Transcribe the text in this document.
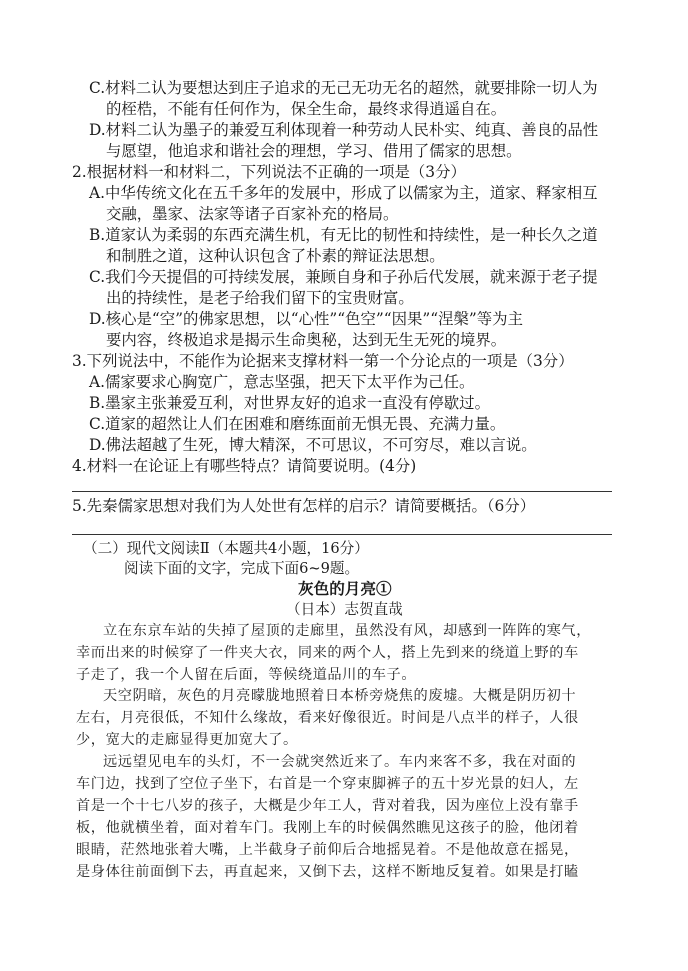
C.材料二认为要想达到庄子追求的无己无功无名的超然，就要排除一切人为
的桎梏，不能有任何作为，保全生命，最终求得逍遥自在。
D.材料二认为墨子的兼爱互利体现着一种劳动人民朴实、纯真、善良的品性
与愿望，他追求和谐社会的理想，学习、借用了儒家的思想。
2.根据材料一和材料二，下列说法不正确的一项是（3分）
A.中华传统文化在五千多年的发展中，形成了以儒家为主，道家、释家相互
交融，墨家、法家等诸子百家补充的格局。
B.道家认为柔弱的东西充满生机，有无比的韧性和持续性，是一种长久之道
和制胜之道，这种认识包含了朴素的辩证法思想。
C.我们今天提倡的可持续发展，兼顾自身和子孙后代发展，就来源于老子提
出的持续性，是老子给我们留下的宝贵财富。
D.核心是“空”的佛家思想，以“心性”“色空”“因果”“涅槃”等为主
要内容，终极追求是揭示生命奥秘，达到无生无死的境界。
3.下列说法中，不能作为论据来支撑材料一第一个分论点的一项是（3分）
A.儒家要求心胸宽广，意志坚强，把天下太平作为己任。
B.墨家主张兼爱互利，对世界友好的追求一直没有停歇过。
C.道家的超然让人们在困难和磨练面前无惧无畏、充满力量。
D.佛法超越了生死，博大精深，不可思议，不可穷尽，难以言说。
4.材料一在论证上有哪些特点？请简要说明。(4分)
5.先秦儒家思想对我们为人处世有怎样的启示？请简要概括。（6分）
（二）现代文阅读Ⅱ（本题共4小题，16分）
阅读下面的文字，完成下面6~9题。
灰色的月亮①
（日本）志贺直哉
立在东京车站的失掉了屋顶的走廊里，虽然没有风，却感到一阵阵的寒气，
幸而出来的时候穿了一件夹大衣，同来的两个人，搭上先到来的绕道上野的车
子走了，我一个人留在后面，等候绕道品川的车子。
天空阴暗，灰色的月亮曚胧地照着日本桥旁烧焦的废墟。大概是阴历初十
左右，月亮很低，不知什么缘故，看来好像很近。时间是八点半的样子，人很
少，宽大的走廊显得更加宽大了。
远远望见电车的头灯，不一会就突然近来了。车内来客不多，我在对面的
车门边，找到了空位子坐下，右首是一个穿束脚裤子的五十岁光景的妇人，左
首是一个十七八岁的孩子，大概是少年工人，背对着我，因为座位上没有靠手
板，他就横坐着，面对着车门。我刚上车的时候偶然瞧见这孩子的脸，他闭着
眼睛，茫然地张着大嘴，上半截身子前仰后合地摇晃着。不是他故意在摇晃，
是身体往前面倒下去，再直起来，又倒下去，这样不断地反复着。如果是打瞌
